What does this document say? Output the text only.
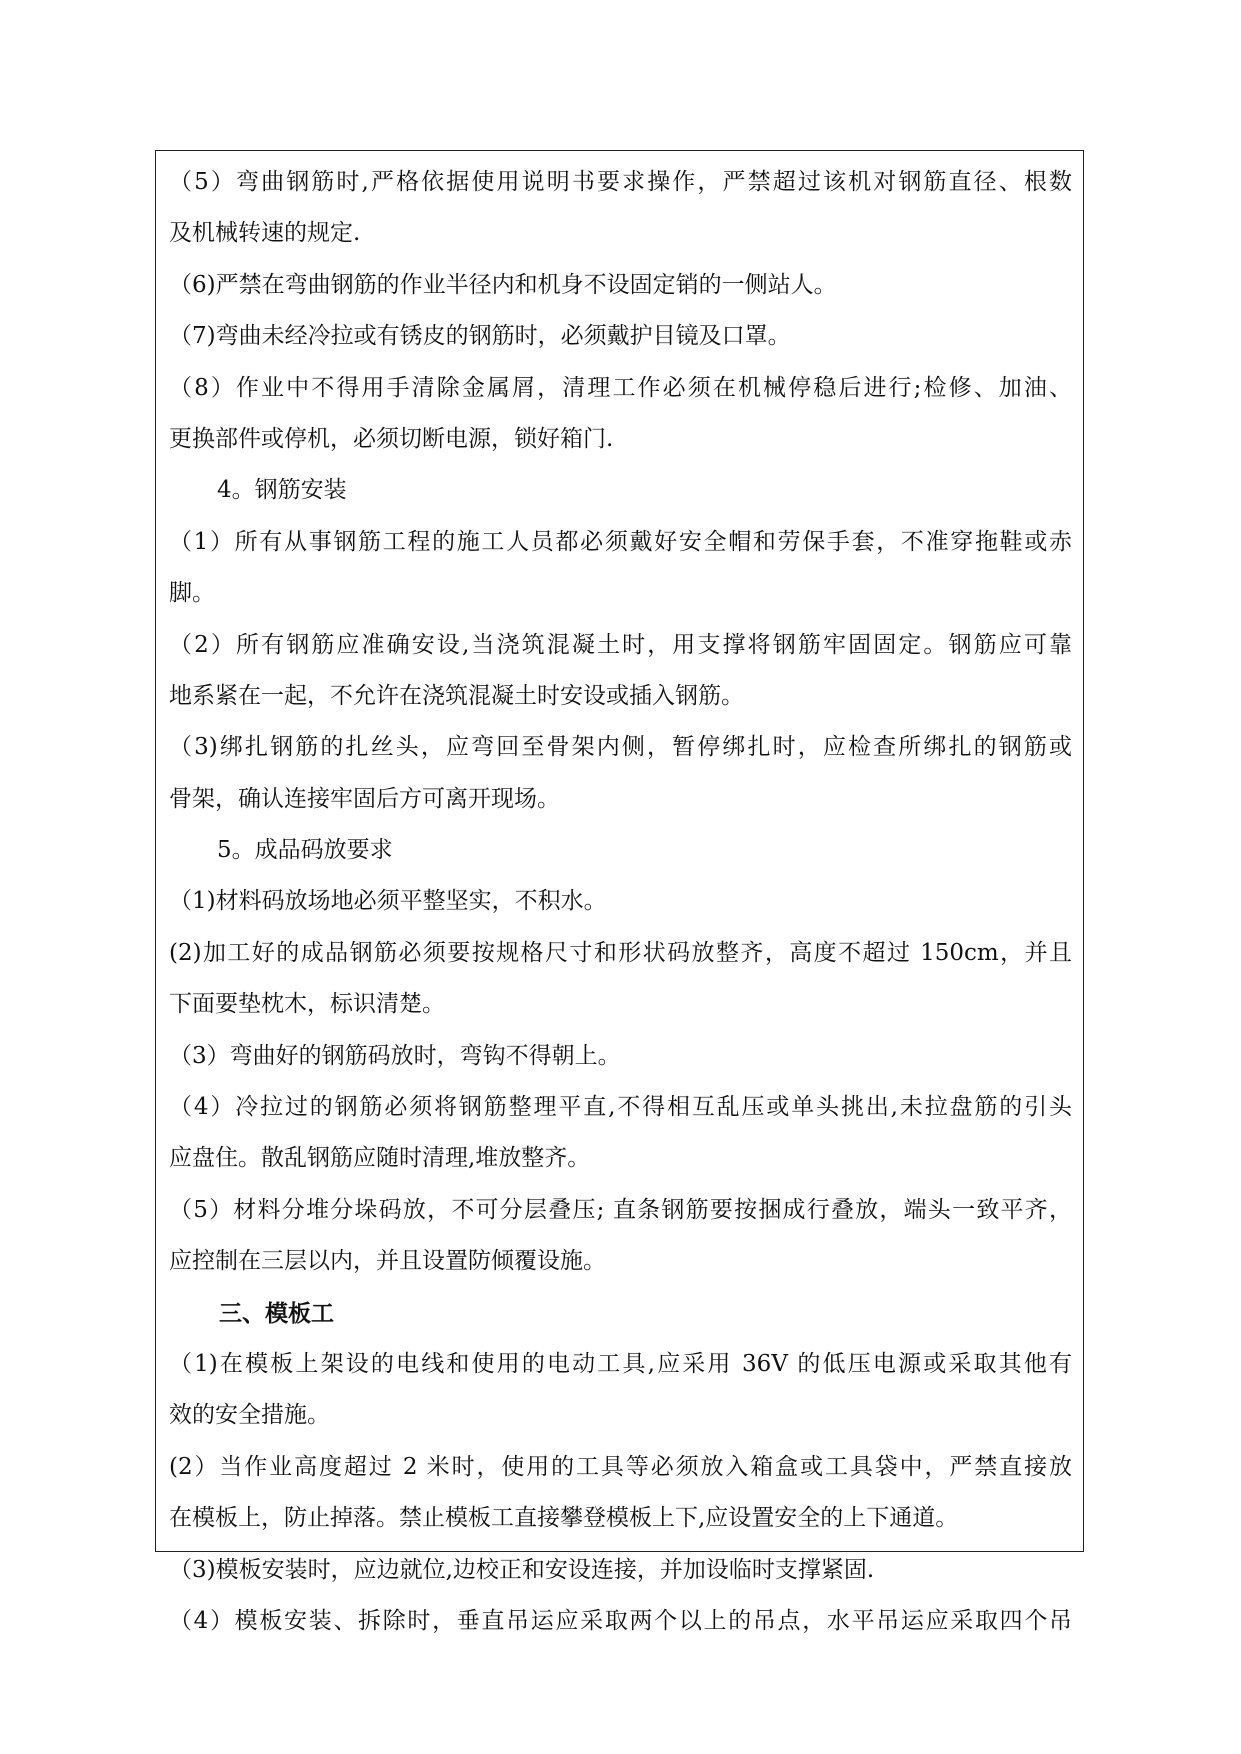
（5）弯曲钢筋时,严格依据使用说明书要求操作，严禁超过该机对钢筋直径、根数
及机械转速的规定.
（6)严禁在弯曲钢筋的作业半径内和机身不设固定销的一侧站人。
（7)弯曲未经冷拉或有锈皮的钢筋时，必须戴护目镜及口罩。
（8）作业中不得用手清除金属屑，清理工作必须在机械停稳后进行;检修、加油、
更换部件或停机，必须切断电源，锁好箱门.
4。钢筋安装
（1）所有从事钢筋工程的施工人员都必须戴好安全帽和劳保手套，不准穿拖鞋或赤
脚。
（2）所有钢筋应准确安设,当浇筑混凝土时，用支撑将钢筋牢固固定。钢筋应可靠
地系紧在一起，不允许在浇筑混凝土时安设或插入钢筋。
（3)绑扎钢筋的扎丝头，应弯回至骨架内侧，暂停绑扎时，应检查所绑扎的钢筋或
骨架，确认连接牢固后方可离开现场。
5。成品码放要求
（1)材料码放场地必须平整坚实，不积水。
(2)加工好的成品钢筋必须要按规格尺寸和形状码放整齐，高度不超过 150cm，并且
下面要垫枕木，标识清楚。
（3）弯曲好的钢筋码放时，弯钩不得朝上。
（4）冷拉过的钢筋必须将钢筋整理平直,不得相互乱压或单头挑出,未拉盘筋的引头
应盘住。散乱钢筋应随时清理,堆放整齐。
（5）材料分堆分垛码放，不可分层叠压; 直条钢筋要按捆成行叠放，端头一致平齐，
应控制在三层以内，并且设置防倾覆设施。
三、模板工
（1)在模板上架设的电线和使用的电动工具,应采用 36V 的低压电源或采取其他有
效的安全措施。
(2）当作业高度超过 2 米时，使用的工具等必须放入箱盒或工具袋中，严禁直接放
在模板上，防止掉落。禁止模板工直接攀登模板上下,应设置安全的上下通道。
（3)模板安装时，应边就位,边校正和安设连接，并加设临时支撑紧固.
（4）模板安装、拆除时，垂直吊运应采取两个以上的吊点，水平吊运应采取四个吊
